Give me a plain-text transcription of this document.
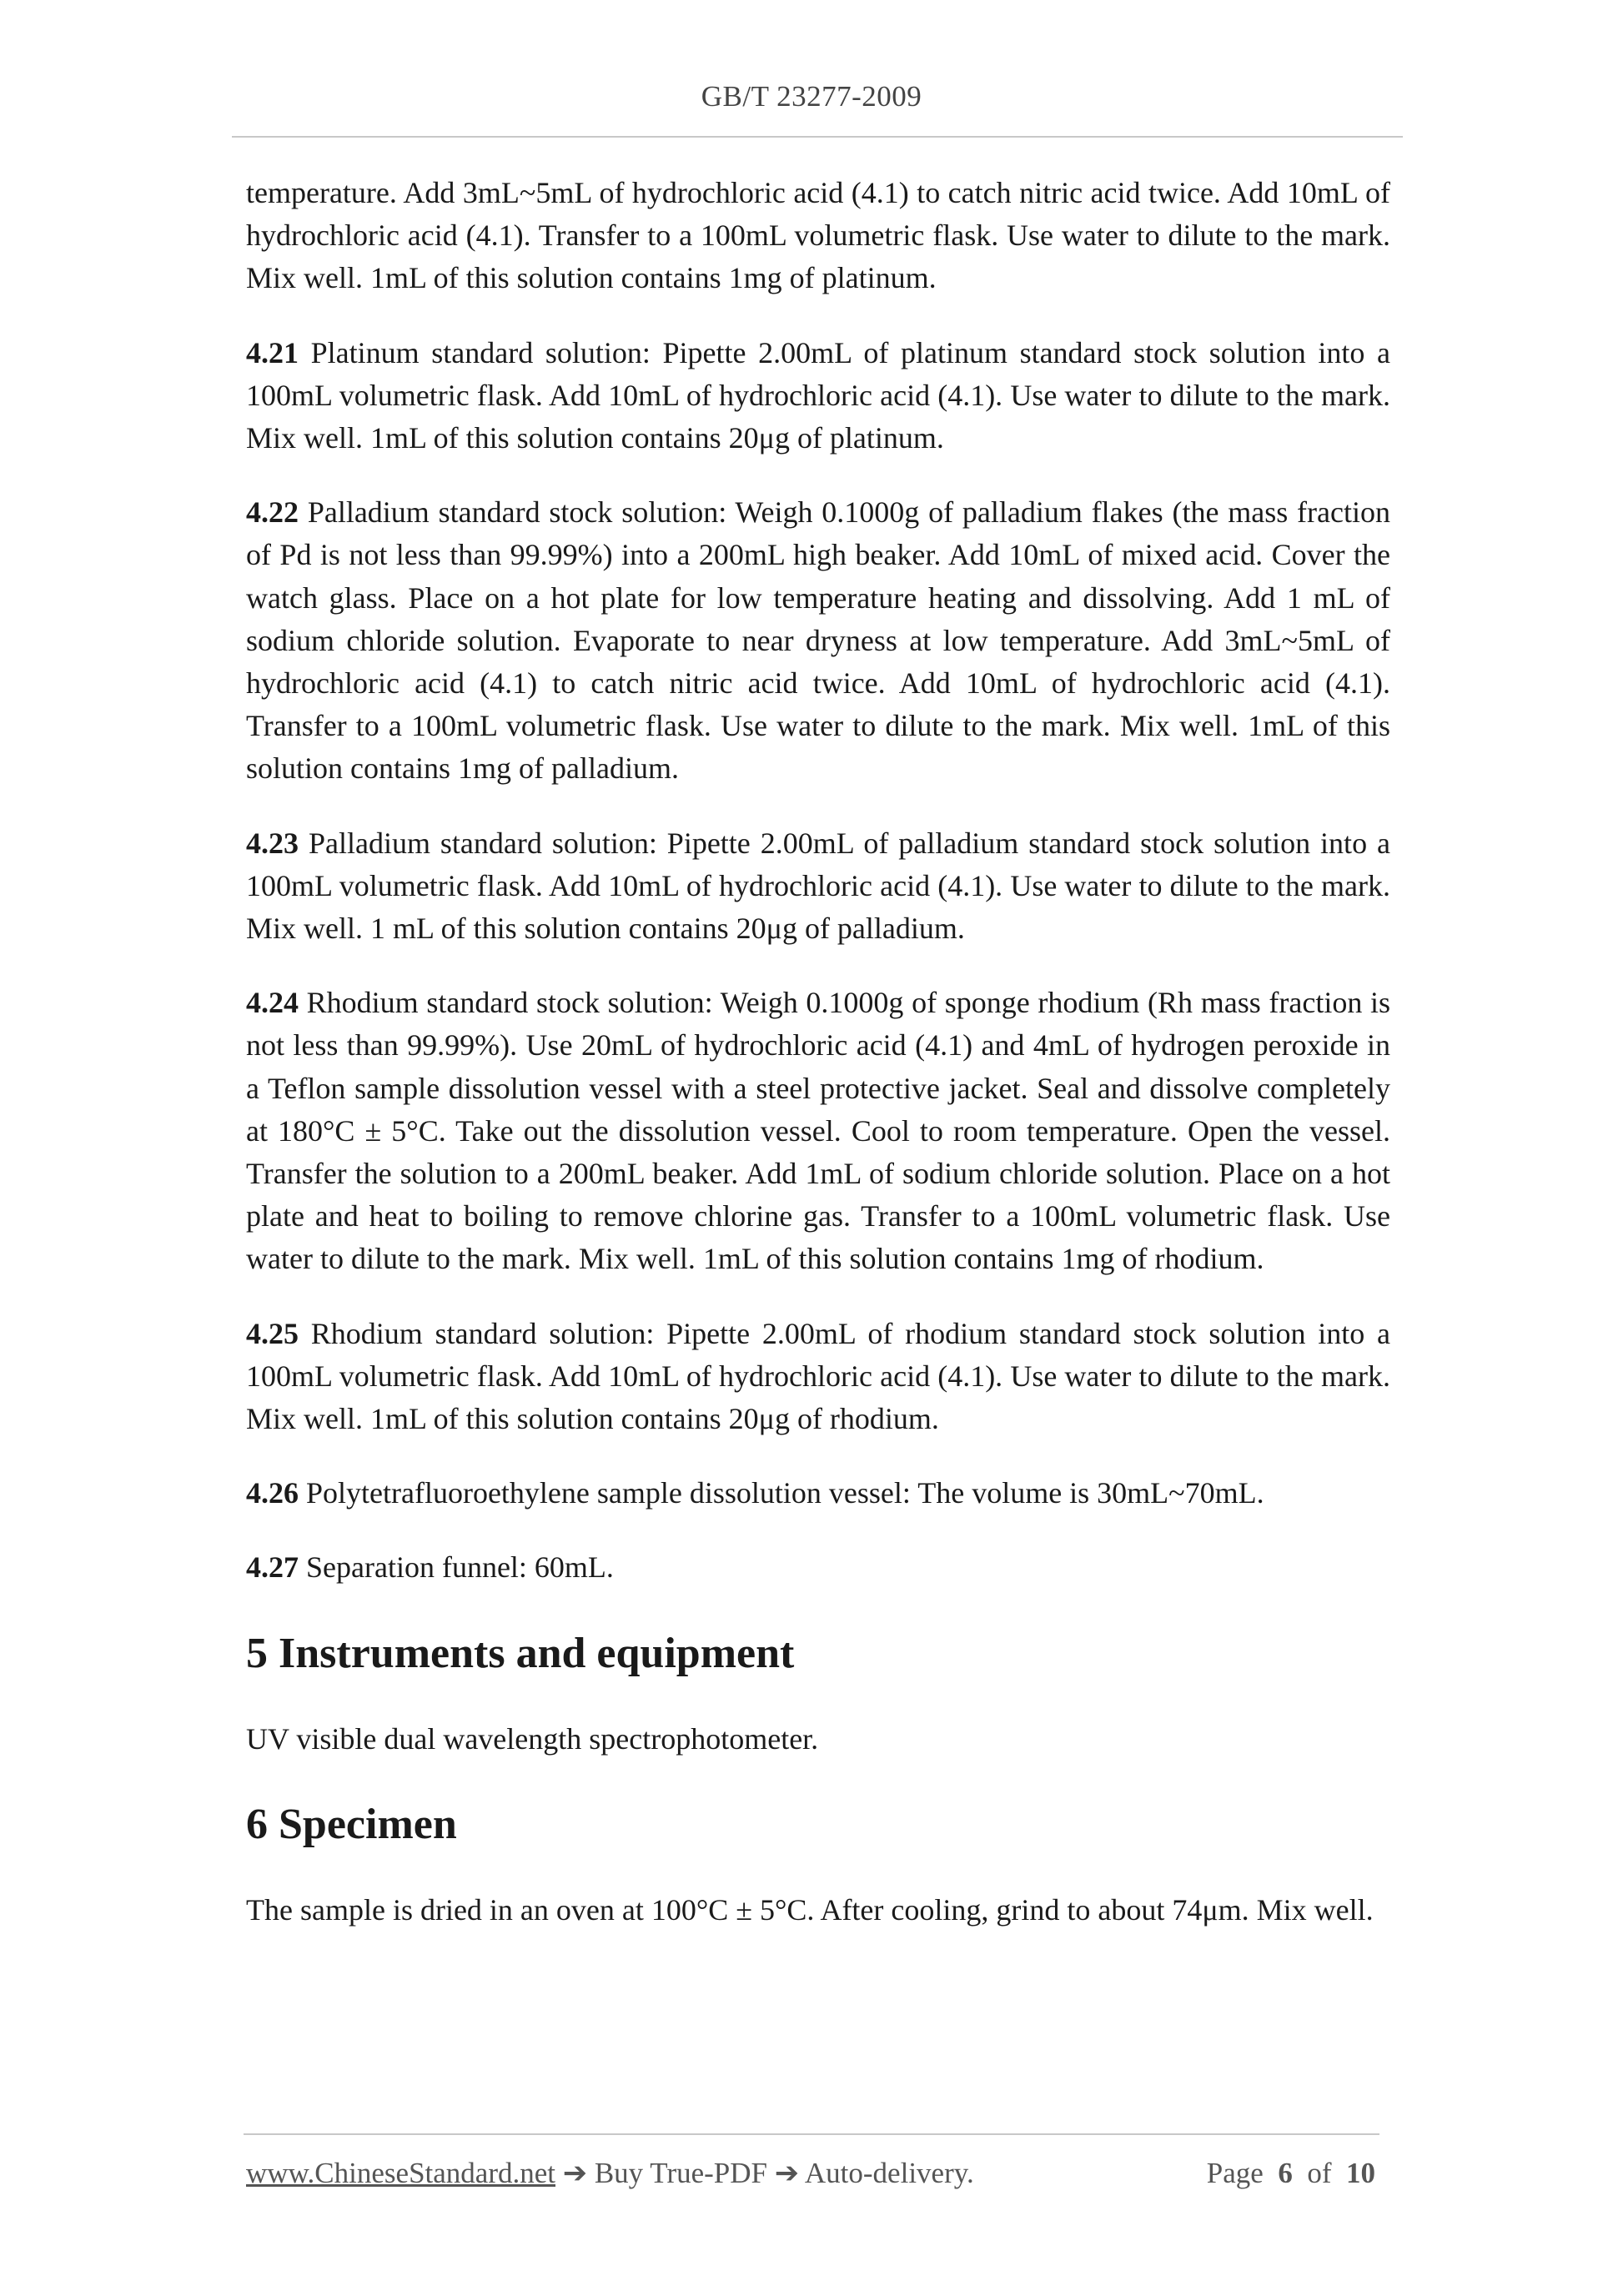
GB/T 23277-2009

temperature. Add 3mL~5mL of hydrochloric acid (4.1) to catch nitric acid twice. Add 10mL of hydrochloric acid (4.1). Transfer to a 100mL volumetric flask. Use water to dilute to the mark. Mix well. 1mL of this solution contains 1mg of platinum.

4.21 Platinum standard solution: Pipette 2.00mL of platinum standard stock solution into a 100mL volumetric flask. Add 10mL of hydrochloric acid (4.1). Use water to dilute to the mark. Mix well. 1mL of this solution contains 20μg of platinum.

4.22 Palladium standard stock solution: Weigh 0.1000g of palladium flakes (the mass fraction of Pd is not less than 99.99%) into a 200mL high beaker. Add 10mL of mixed acid. Cover the watch glass. Place on a hot plate for low temperature heating and dissolving. Add 1 mL of sodium chloride solution. Evaporate to near dryness at low temperature. Add 3mL~5mL of hydrochloric acid (4.1) to catch nitric acid twice. Add 10mL of hydrochloric acid (4.1). Transfer to a 100mL volumetric flask. Use water to dilute to the mark. Mix well. 1mL of this solution contains 1mg of palladium.

4.23 Palladium standard solution: Pipette 2.00mL of palladium standard stock solution into a 100mL volumetric flask. Add 10mL of hydrochloric acid (4.1). Use water to dilute to the mark. Mix well. 1 mL of this solution contains 20μg of palladium.

4.24 Rhodium standard stock solution: Weigh 0.1000g of sponge rhodium (Rh mass fraction is not less than 99.99%). Use 20mL of hydrochloric acid (4.1) and 4mL of hydrogen peroxide in a Teflon sample dissolution vessel with a steel protective jacket. Seal and dissolve completely at 180°C ± 5°C. Take out the dissolution vessel. Cool to room temperature. Open the vessel. Transfer the solution to a 200mL beaker. Add 1mL of sodium chloride solution. Place on a hot plate and heat to boiling to remove chlorine gas. Transfer to a 100mL volumetric flask. Use water to dilute to the mark. Mix well. 1mL of this solution contains 1mg of rhodium.

4.25 Rhodium standard solution: Pipette 2.00mL of rhodium standard stock solution into a 100mL volumetric flask. Add 10mL of hydrochloric acid (4.1). Use water to dilute to the mark. Mix well. 1mL of this solution contains 20μg of rhodium.

4.26 Polytetrafluoroethylene sample dissolution vessel: The volume is 30mL~70mL.

4.27 Separation funnel: 60mL.

5 Instruments and equipment

UV visible dual wavelength spectrophotometer.

6 Specimen

The sample is dried in an oven at 100°C ± 5°C. After cooling, grind to about 74μm. Mix well.

www.ChineseStandard.net ➔ Buy True-PDF ➔ Auto-delivery.	Page 6 of 10
